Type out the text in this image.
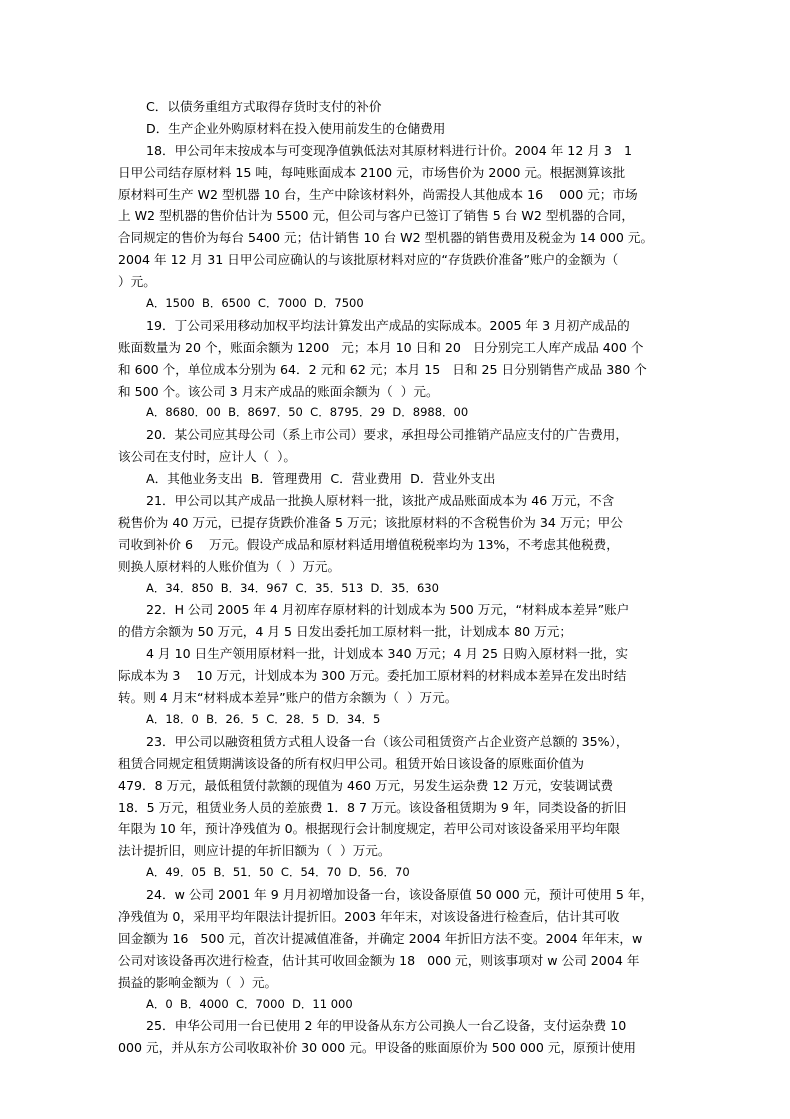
C．以债务重组方式取得存货时支付的补价
D．生产企业外购原材料在投入使用前发生的仓储费用
18．甲公司年末按成本与可变现净值孰低法对其原材料进行计价。2004 年 12 月 3   1
日甲公司结存原材料 15 吨，每吨账面成本 2100 元，市场售价为 2000 元。根据测算该批
原材料可生产 W2 型机器 10 台，生产中除该材料外，尚需投人其他成本 16    000 元；市场
上 W2 型机器的售价估计为 5500 元，但公司与客户已签订了销售 5 台 W2 型机器的合同，
合同规定的售价为每台 5400 元；估计销售 10 台 W2 型机器的销售费用及税金为 14 000 元。
2004 年 12 月 31 日甲公司应确认的与该批原材料对应的“存货跌价准备”账户的金额为（
）元。
A．1500  B．6500  C．7000  D．7500
19．丁公司采用移动加权平均法计算发出产成品的实际成本。2005 年 3 月初产成品的
账面数量为 20 个，账面余额为 1200   元；本月 10 日和 20   日分别完工人库产成品 400 个
和 600 个，单位成本分别为 64．2 元和 62 元；本月 15   日和 25 日分别销售产成品 380 个
和 500 个。该公司 3 月末产成品的账面余额为（  ）元。
A．8680．00  B．8697．50  C．8795．29  D．8988．00
20．某公司应其母公司（系上市公司）要求，承担母公司推销产品应支付的广告费用，
该公司在支付时，应计人（  ）。
A．其他业务支出  B．管理费用  C．营业费用  D．营业外支出
21．甲公司以其产成品一批换人原材料一批，该批产成品账面成本为 46 万元，不含
税售价为 40 万元，已提存货跌价准备 5 万元；该批原材料的不含税售价为 34 万元；甲公
司收到补价 6    万元。假设产成品和原材料适用增值税税率均为 13%，不考虑其他税费，
则换人原材料的人账价值为（  ）万元。
A．34．850  B．34．967  C．35．513  D．35．630
22．H 公司 2005 年 4 月初库存原材料的计划成本为 500 万元，“材料成本差异”账户
的借方余额为 50 万元，4 月 5 日发出委托加工原材料一批，计划成本 80 万元；
4 月 10 日生产领用原材料一批，计划成本 340 万元；4 月 25 日购入原材料一批，实
际成本为 3    10 万元，计划成本为 300 万元。委托加工原材料的材料成本差异在发出时结
转。则 4 月末“材料成本差异”账户的借方余额为（  ）万元。
A．18．0  B．26．5  C．28．5  D．34．5
23．甲公司以融资租赁方式租人设备一台（该公司租赁资产占企业资产总额的 35%），
租赁合同规定租赁期满该设备的所有权归甲公司。租赁开始日该设备的原账面价值为
479．8 万元，最低租赁付款额的现值为 460 万元，另发生运杂费 12 万元，安装调试费
18．5 万元，租赁业务人员的差旅费 1．8 7 万元。该设备租赁期为 9 年，同类设备的折旧
年限为 10 年，预计净残值为 0。根据现行会计制度规定，若甲公司对该设备采用平均年限
法计提折旧，则应计提的年折旧额为（  ）万元。
A．49．05  B．51．50  C．54．70  D．56．70
24．w 公司 2001 年 9 月月初增加设备一台，该设备原值 50 000 元，预计可使用 5 年，
净残值为 0，采用平均年限法计提折旧。2003 年年末，对该设备进行检查后，估计其可收
回金额为 16   500 元，首次计提减值准备，并确定 2004 年折旧方法不变。2004 年年末，w
公司对该设备再次进行检查，估计其可收回金额为 18   000 元，则该事项对 w 公司 2004 年
损益的影响金额为（  ）元。
A．0  B．4000  C．7000  D．11 000
25．申华公司用一台已使用 2 年的甲设备从东方公司换人一台乙设备，支付运杂费 10
000 元，并从东方公司收取补价 30 000 元。甲设备的账面原价为 500 000 元，原预计使用
